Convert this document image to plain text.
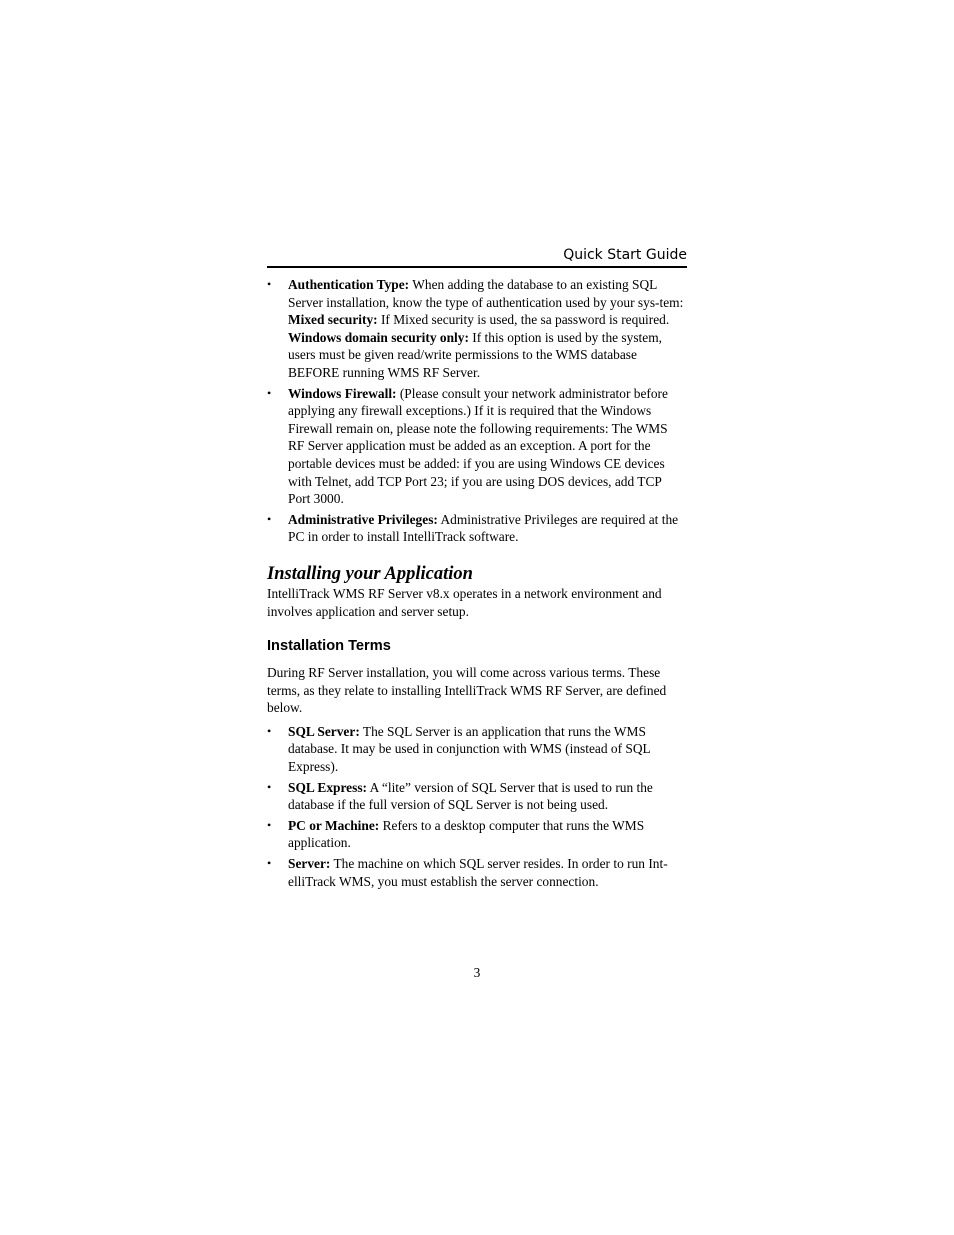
Quick Start Guide
• Authentication Type: When adding the database to an existing SQL Server installation, know the type of authentication used by your sys-tem:
Mixed security: If Mixed security is used, the sa password is required.
Windows domain security only: If this option is used by the system, users must be given read/write permissions to the WMS database BEFORE running WMS RF Server.
• Windows Firewall: (Please consult your network administrator before applying any firewall exceptions.) If it is required that the Windows Firewall remain on, please note the following requirements: The WMS RF Server application must be added as an exception. A port for the portable devices must be added: if you are using Windows CE devices with Telnet, add TCP Port 23; if you are using DOS devices, add TCP Port 3000.
• Administrative Privileges: Administrative Privileges are required at the PC in order to install IntelliTrack software.
Installing your Application

IntelliTrack WMS RF Server v8.x operates in a network environment and involves application and server setup.

Installation Terms

During RF Server installation, you will come across various terms. These terms, as they relate to installing IntelliTrack WMS RF Server, are defined below.

• SQL Server: The SQL Server is an application that runs the WMS database. It may be used in conjunction with WMS (instead of SQL Express).
• SQL Express: A “lite” version of SQL Server that is used to run the database if the full version of SQL Server is not being used.
• PC or Machine: Refers to a desktop computer that runs the WMS application.
• Server: The machine on which SQL server resides. In order to run Int-elliTrack WMS, you must establish the server connection.
3
